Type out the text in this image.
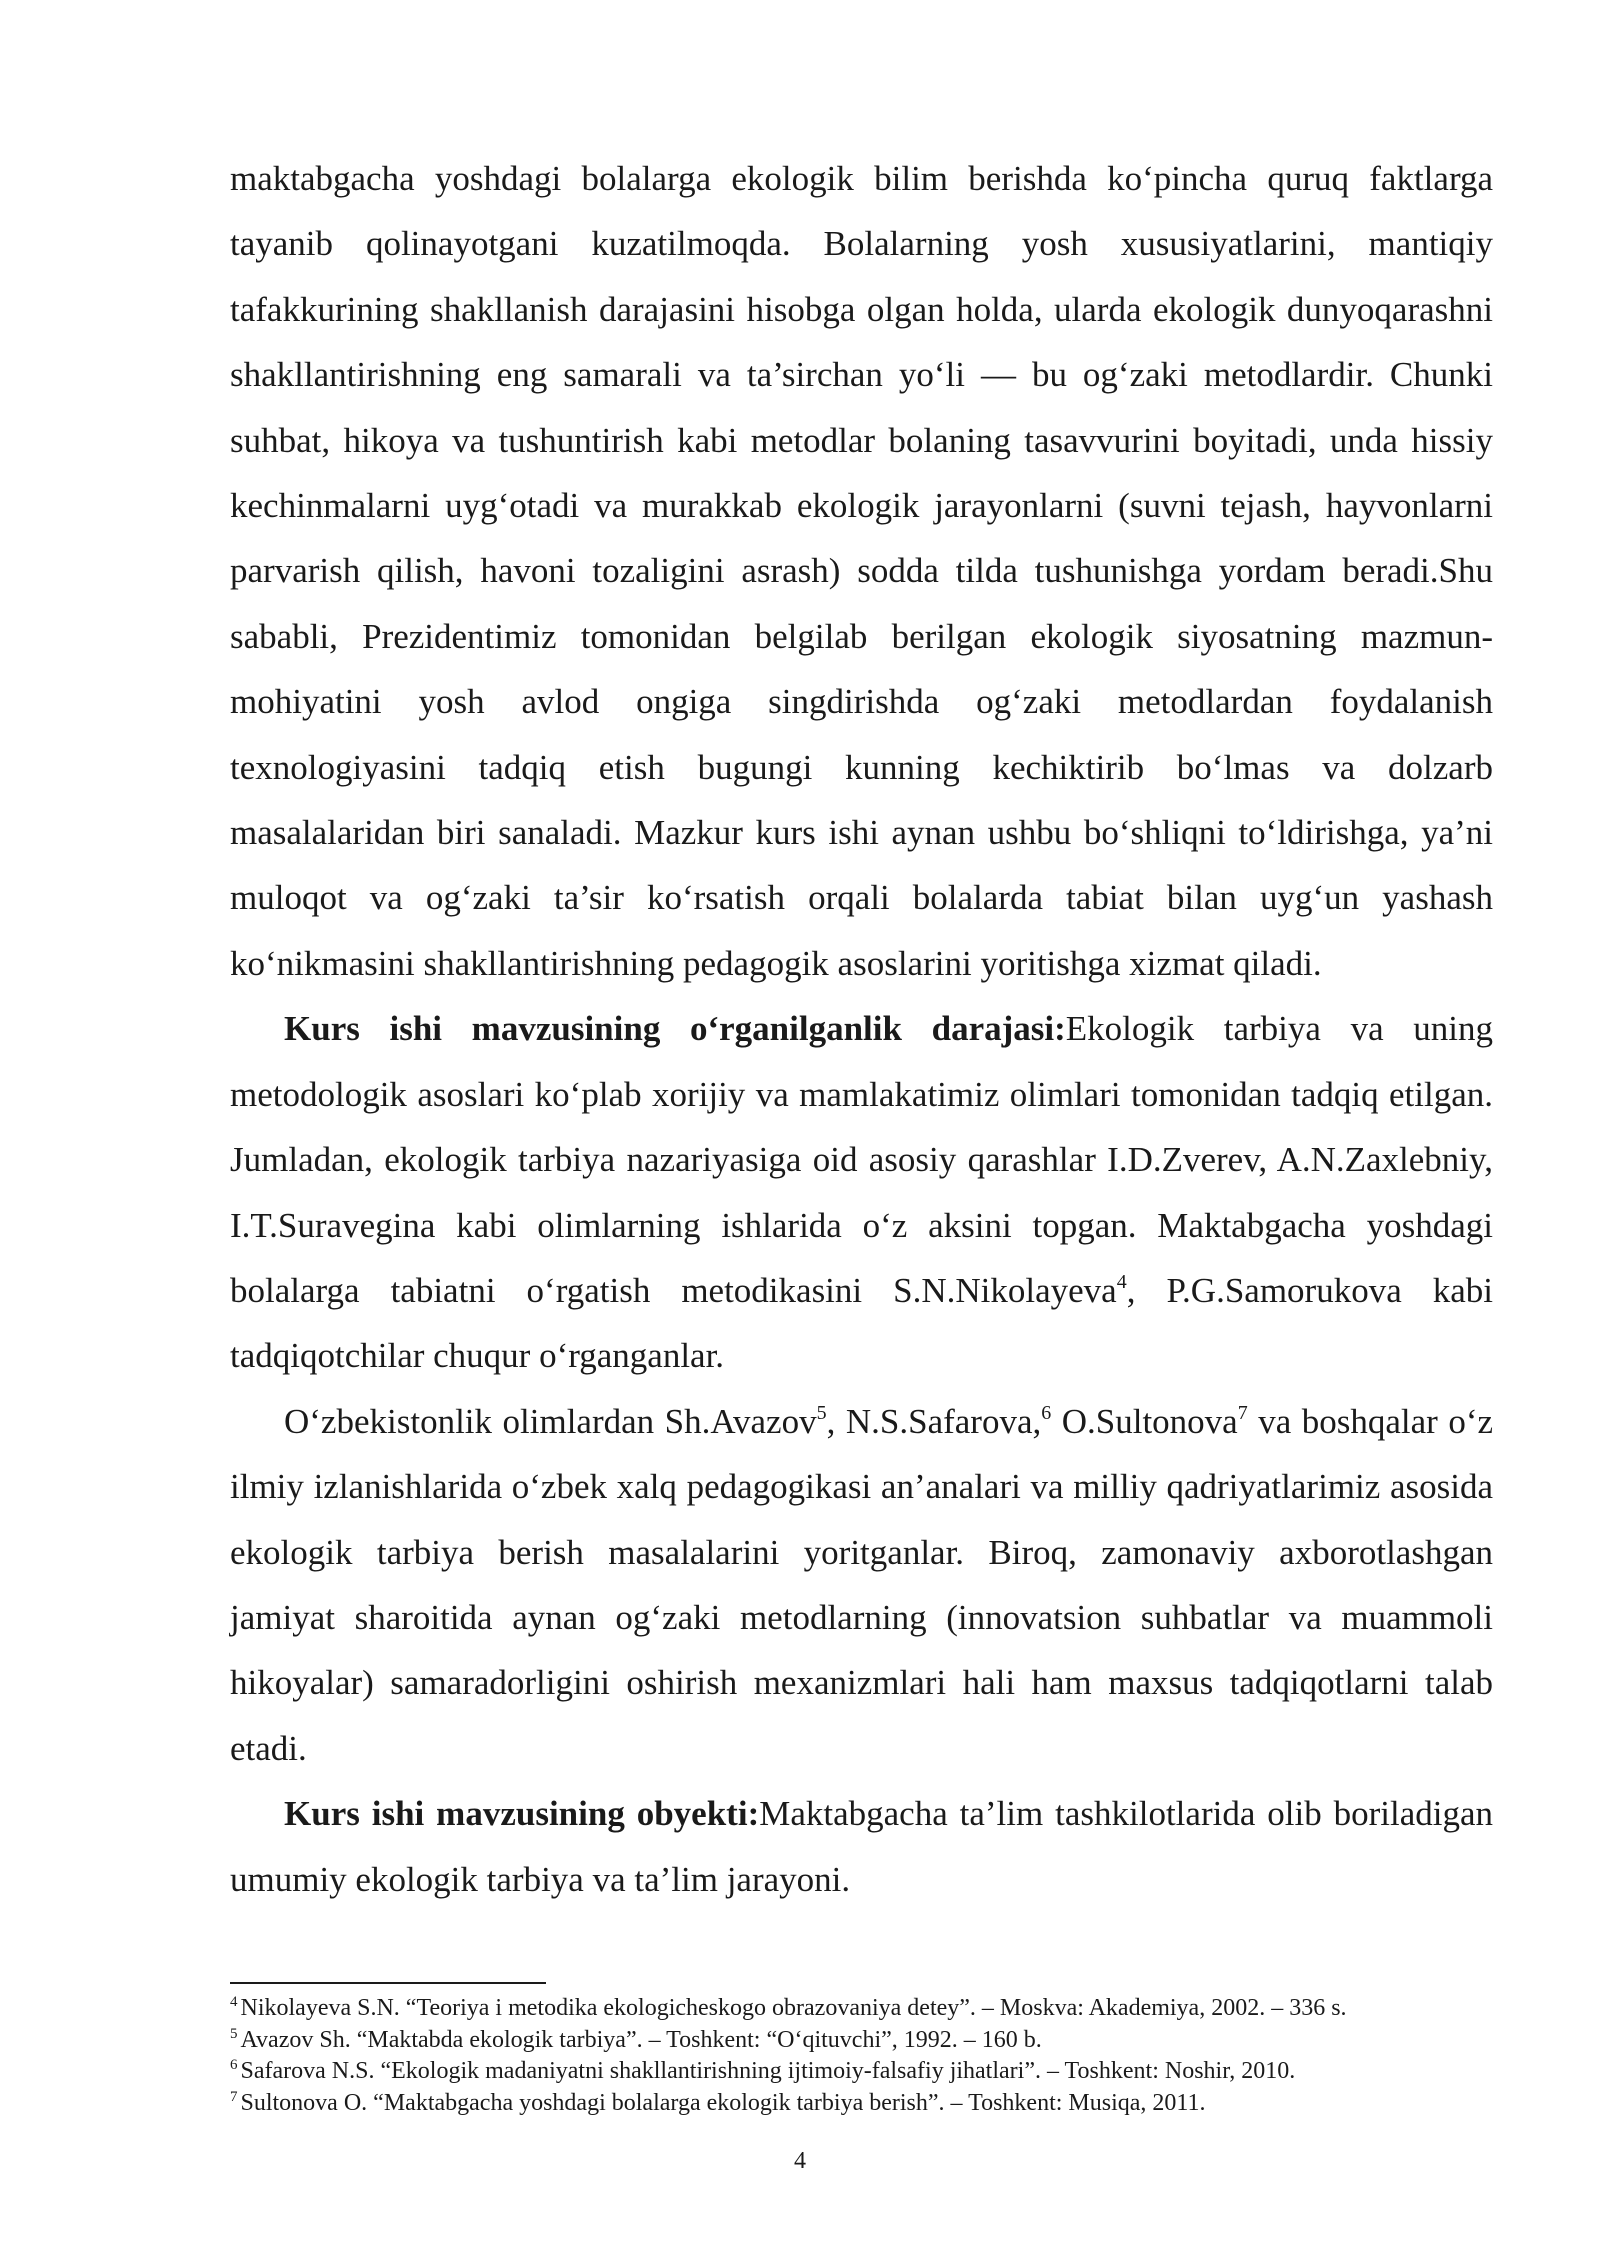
maktabgacha yoshdagi bolalarga ekologik bilim berishda koʻpincha quruq faktlarga tayanib qolinayotgani kuzatilmoqda. Bolalarning yosh xususiyatlarini, mantiqiy tafakkurining shakllanish darajasini hisobga olgan holda, ularda ekologik dunyoqarashni shakllantirishning eng samarali va ta’sirchan yoʻli — bu ogʻzaki metodlardir. Chunki suhbat, hikoya va tushuntirish kabi metodlar bolaning tasavvurini boyitadi, unda hissiy kechinmalarni uygʻotadi va murakkab ekologik jarayonlarni (suvni tejash, hayvonlarni parvarish qilish, havoni tozaligini asrash) sodda tilda tushunishga yordam beradi.Shu sababli, Prezidentimiz tomonidan belgilab berilgan ekologik siyosatning mazmun-mohiyatini yosh avlod ongiga singdirishda ogʻzaki metodlardan foydalanish texnologiyasini tadqiq etish bugungi kunning kechiktirib boʻlmas va dolzarb masalalaridan biri sanaladi. Mazkur kurs ishi aynan ushbu boʻshliqni toʻldirishga, ya’ni muloqot va ogʻzaki ta’sir koʻrsatish orqali bolalarda tabiat bilan uygʻun yashash koʻnikmasini shakllantirishning pedagogik asoslarini yoritishga xizmat qiladi.

Kurs ishi mavzusining oʻrganilganlik darajasi:Ekologik tarbiya va uning metodologik asoslari koʻplab xorijiy va mamlakatimiz olimlari tomonidan tadqiq etilgan. Jumladan, ekologik tarbiya nazariyasiga oid asosiy qarashlar I.D.Zverev, A.N.Zaxlebniy, I.T.Suravegina kabi olimlarning ishlarida oʻz aksini topgan. Maktabgacha yoshdagi bolalarga tabiatni oʻrgatish metodikasini S.N.Nikolayeva$^4$, P.G.Samorukova kabi tadqiqotchilar chuqur oʻrganganlar.

Oʻzbekistonlik olimlardan Sh.Avazov$^5$, N.S.Safarova,$^6$ O.Sultonova$^7$ va boshqalar oʻz ilmiy izlanishlarida oʻzbek xalq pedagogikasi an’analari va milliy qadriyatlarimiz asosida ekologik tarbiya berish masalalarini yoritganlar. Biroq, zamonaviy axborotlashgan jamiyat sharoitida aynan ogʻzaki metodlarning (innovatsion suhbatlar va muammoli hikoyalar) samaradorligini oshirish mexanizmlari hali ham maxsus tadqiqotlarni talab etadi.

Kurs ishi mavzusining obyekti:Maktabgacha ta’lim tashkilotlarida olib boriladigan umumiy ekologik tarbiya va ta’lim jarayoni.

$^4$ Nikolayeva S.N. “Teoriya i metodika ekologicheskogo obrazovaniya detey”. – Moskva: Akademiya, 2002. – 336 s.

$^5$ Avazov Sh. “Maktabda ekologik tarbiya”. – Toshkent: “Oʻqituvchi”, 1992. – 160 b.

$^6$ Safarova N.S. “Ekologik madaniyatni shakllantirishning ijtimoiy-falsafiy jihatlari”. – Toshkent: Noshir, 2010.

$^7$ Sultonova O. “Maktabgacha yoshdagi bolalarga ekologik tarbiya berish”. – Toshkent: Musiqa, 2011.

4
